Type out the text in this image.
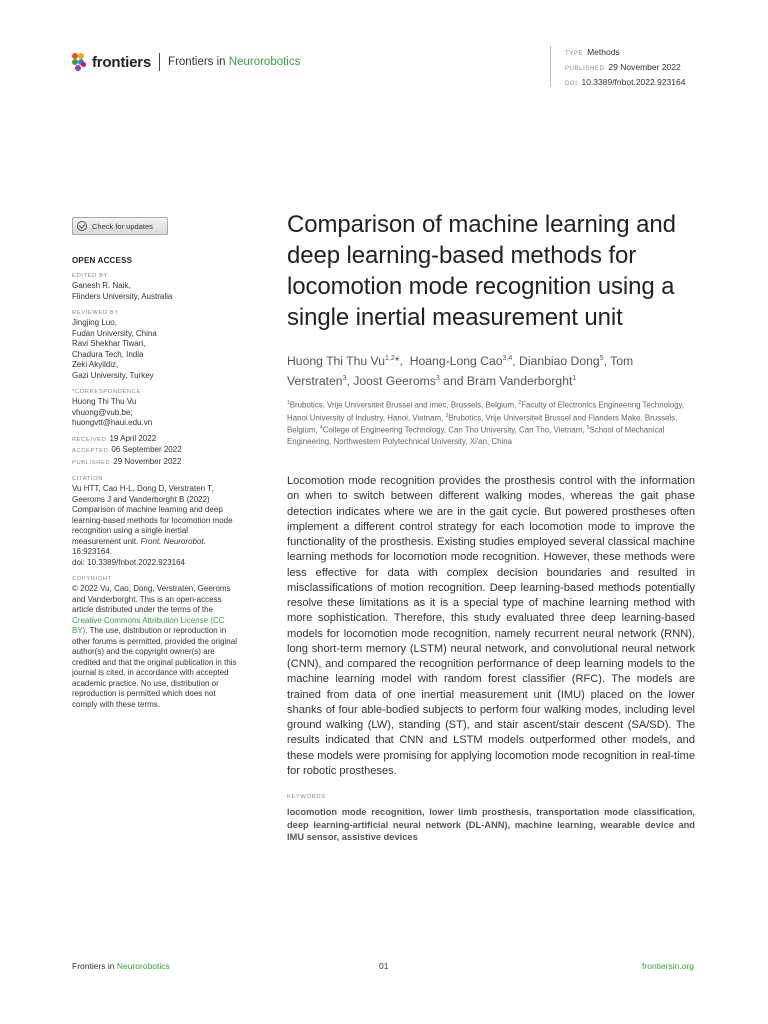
frontiers Frontiers in Neurorobotics
TYPE Methods
PUBLISHED 29 November 2022
DOI 10.3389/fnbot.2022.923164
Check for updates
OPEN ACCESS
EDITED BY
Ganesh R. Naik,
Flinders University, Australia
REVIEWED BY
Jingjing Luo,
Fudan University, China
Ravi Shekhar Tiwari,
Chadura Tech, India
Zeki Akyildiz,
Gazi University, Turkey
*CORRESPONDENCE
Huong Thi Thu Vu
vhuong@vub.be;
huongvtt@haui.edu.vn
RECEIVED 19 April 2022
ACCEPTED 06 September 2022
PUBLISHED 29 November 2022
CITATION
Vu HTT, Cao H-L, Dong D, Verstraten T, Geeroms J and Vanderborght B (2022) Comparison of machine learning and deep learning-based methods for locomotion mode recognition using a single inertial measurement unit. Front. Neurorobot. 16:923164.
doi: 10.3389/fnbot.2022.923164
COPYRIGHT
© 2022 Vu, Cao, Dong, Verstraten, Geeroms and Vanderborght. This is an open-access article distributed under the terms of the Creative Commons Attribution License (CC BY). The use, distribution or reproduction in other forums is permitted, provided the original author(s) and the copyright owner(s) are credited and that the original publication in this journal is cited, in accordance with accepted academic practice. No use, distribution or reproduction is permitted which does not comply with these terms.
Comparison of machine learning and deep learning-based methods for locomotion mode recognition using a single inertial measurement unit
Huong Thi Thu Vu$^{1,2}$*,  Hoang-Long Cao$^{3,4}$, Dianbiao Dong$^5$, Tom Verstraten$^3$, Joost Geeroms$^3$ and Bram Vanderborght$^1$
$^1$Brubotics, Vrije Universiteit Brussel and imec, Brussels, Belgium, $^2$Faculty of Electronics Engineering Technology, Hanoi University of Industry, Hanoi, Vietnam, $^3$Brubotics, Vrije Universiteit Brussel and Flanders Make, Brussels, Belgium, $^4$College of Engineering Technology, Can Tho University, Can Tho, Vietnam, $^5$School of Mechanical Engineering, Northwestern Polytechnical University, Xi'an, China

Locomotion mode recognition provides the prosthesis control with the information on when to switch between different walking modes, whereas the gait phase detection indicates where we are in the gait cycle. But powered prostheses often implement a different control strategy for each locomotion mode to improve the functionality of the prosthesis. Existing studies employed several classical machine learning methods for locomotion mode recognition. However, these methods were less effective for data with complex decision boundaries and resulted in misclassifications of motion recognition. Deep learning-based methods potentially resolve these limitations as it is a special type of machine learning method with more sophistication. Therefore, this study evaluated three deep learning-based models for locomotion mode recognition, namely recurrent neural network (RNN), long short-term memory (LSTM) neural network, and convolutional neural network (CNN), and compared the recognition performance of deep learning models to the machine learning model with random forest classifier (RFC). The models are trained from data of one inertial measurement unit (IMU) placed on the lower shanks of four able-bodied subjects to perform four walking modes, including level ground walking (LW), standing (ST), and stair ascent/stair descent (SA/SD). The results indicated that CNN and LSTM models outperformed other models, and these models were promising for applying locomotion mode recognition in real-time for robotic prostheses.

KEYWORDS

locomotion mode recognition, lower limb prosthesis, transportation mode classification, deep learning-artificial neural network (DL-ANN), machine learning, wearable device and IMU sensor, assistive devices

Frontiers in Neurorobotics	01	frontiersin.org
